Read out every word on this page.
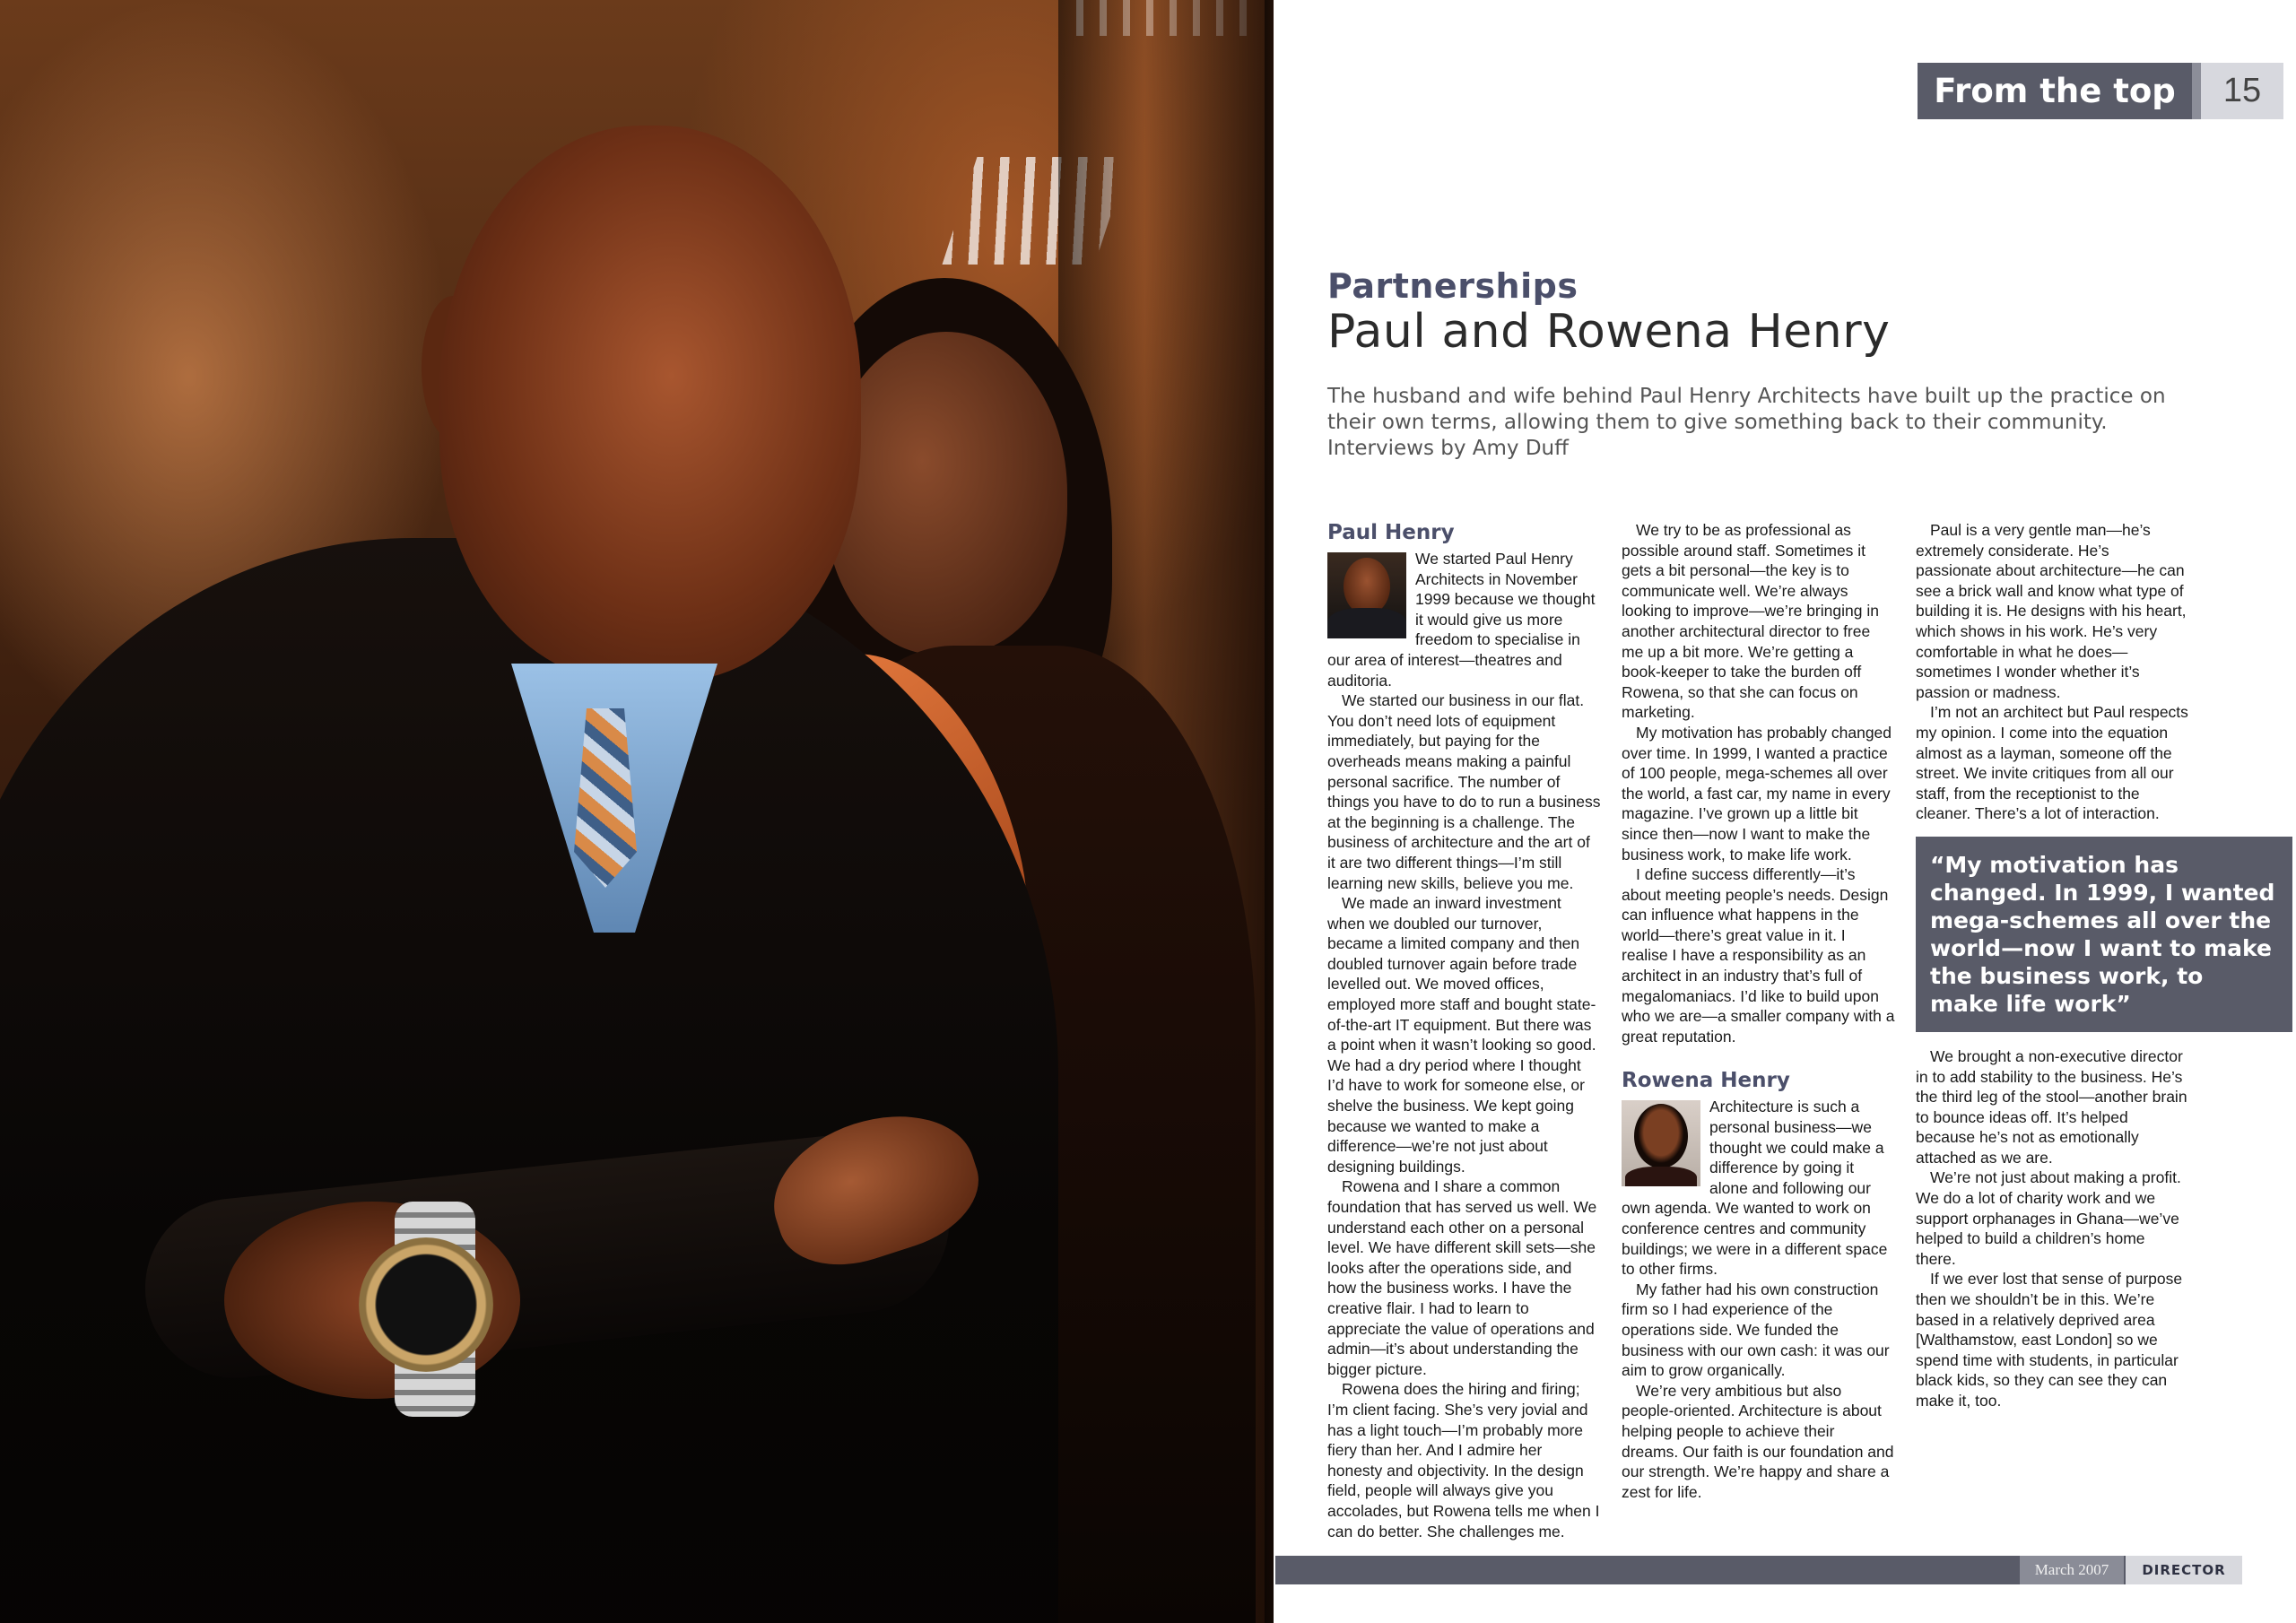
From the top	15
Partnerships
Paul and Rowena Henry

The husband and wife behind Paul Henry Architects have built up the practice on their own terms, allowing them to give something back to their community. Interviews by Amy Duff

Paul Henry

We started Paul Henry Architects in November 1999 because we thought it would give us more freedom to specialise in our area of interest—theatres and auditoria.

We started our business in our flat. You don’t need lots of equipment immediately, but paying for the overheads means making a painful personal sacrifice. The number of things you have to do to run a business at the beginning is a challenge. The business of architecture and the art of it are two different things—I’m still learning new skills, believe you me.

We made an inward investment when we doubled our turnover, became a limited company and then doubled turnover again before trade levelled out. We moved offices, employed more staff and bought state-of-the-art IT equipment. But there was a point when it wasn’t looking so good. We had a dry period where I thought I’d have to work for someone else, or shelve the business. We kept going because we wanted to make a difference—we’re not just about designing buildings.

Rowena and I share a common foundation that has served us well. We understand each other on a personal level. We have different skill sets—she looks after the operations side, and how the business works. I have the creative flair. I had to learn to appreciate the value of operations and admin—it’s about understanding the bigger picture.

Rowena does the hiring and firing; I’m client facing. She’s very jovial and has a light touch—I’m probably more fiery than her. And I admire her honesty and objectivity. In the design field, people will always give you accolades, but Rowena tells me when I can do better. She challenges me.

We try to be as professional as possible around staff. Sometimes it gets a bit personal—the key is to communicate well. We’re always looking to improve—we’re bringing in another architectural director to free me up a bit more. We’re getting a book-keeper to take the burden off Rowena, so that she can focus on marketing.

My motivation has probably changed over time. In 1999, I wanted a practice of 100 people, mega-schemes all over the world, a fast car, my name in every magazine. I’ve grown up a little bit since then—now I want to make the business work, to make life work.

I define success differently—it’s about meeting people’s needs. Design can influence what happens in the world—there’s great value in it. I realise I have a responsibility as an architect in an industry that’s full of megalomaniacs. I’d like to build upon who we are—a smaller company with a great reputation.

Rowena Henry

Architecture is such a personal business—we thought we could make a difference by going it alone and following our own agenda. We wanted to work on conference centres and community buildings; we were in a different space to other firms.

My father had his own construction firm so I had experience of the operations side. We funded the business with our own cash: it was our aim to grow organically.

We’re very ambitious but also people-oriented. Architecture is about helping people to achieve their dreams. Our faith is our foundation and our strength. We’re happy and share a zest for life.

Paul is a very gentle man—he’s extremely considerate. He’s passionate about architecture—he can see a brick wall and know what type of building it is. He designs with his heart, which shows in his work. He’s very comfortable in what he does—sometimes I wonder whether it’s passion or madness.

I’m not an architect but Paul respects my opinion. I come into the equation almost as a layman, someone off the street. We invite critiques from all our staff, from the receptionist to the cleaner. There’s a lot of interaction.

“My motivation has changed. In 1999, I wanted mega-schemes all over the world—now I want to make the business work, to make life work”

We brought a non-executive director in to add stability to the business. He’s the third leg of the stool—another brain to bounce ideas off. It’s helped because he’s not as emotionally attached as we are.

We’re not just about making a profit. We do a lot of charity work and we support orphanages in Ghana—we’ve helped to build a children’s home there.

If we ever lost that sense of purpose then we shouldn’t be in this. We’re based in a relatively deprived area [Walthamstow, east London] so we spend time with students, in particular black kids, so they can see they can make it, too.

March 2007	DIRECTOR
